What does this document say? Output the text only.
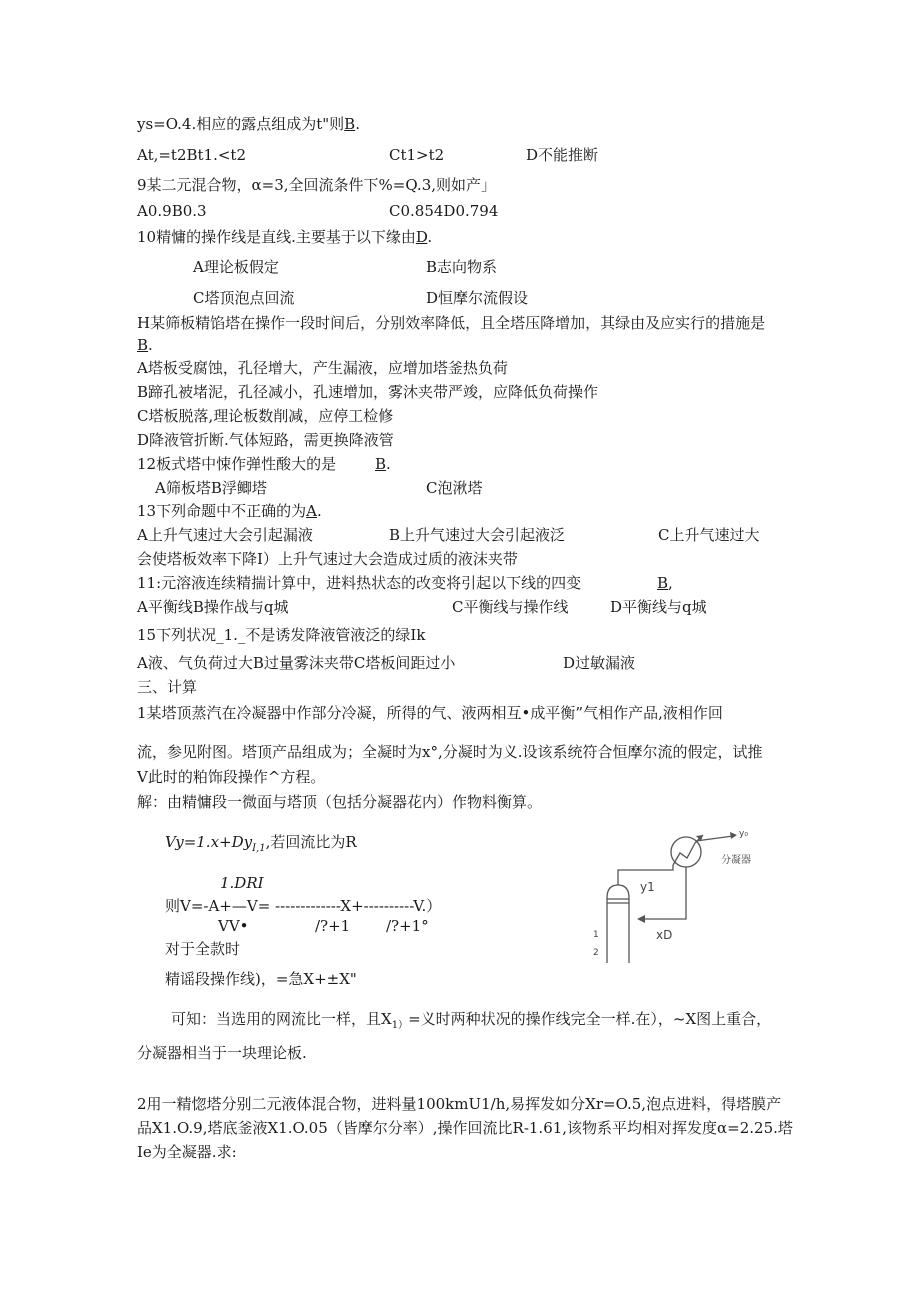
ys=O.4.相应的露点组成为t"则B.
At,=t2Bt1.<t2	Ct1>t2	D不能推断
9某二元混合物，α=3,全回流条件下%=Q.3,则如产」
A0.9B0.3	C0.854D0.794
10精慵的操作线是直线.主要基于以下缘由D.
A理论板假定	B志向物系
C塔顶泡点回流	D恒摩尔流假设
H某筛板精馅塔在操作一段时间后，分别效率降低，且全塔压降增加，其绿由及应实行的措施是
B.
A塔板受腐蚀，孔径增大，产生漏液，应增加塔釜热负荷
B蹄孔被堵泥，孔径减小，孔速增加，雾沐夹带严竣，应降低负荷操作
C塔板脱落,理论板数削减，应停工检修
D降液管折断.气体短路，需更换降液管
12板式塔中悚作弹性酸大的是	B.
A筛板塔B浮鲫塔	C泡湫塔
13下列命题中不正确的为A.
A上升气速过大会引起漏液	B上升气速过大会引起液泛	C上升气速过大
会使塔板效率下降I）上升气速过大会造成过质的液沫夹带
11:元溶液连续精揣计算中，进料热状态的改变将引起以下线的四变	B,
A平衡线B操作战与q城	C平衡线与操作线	D平衡线与q城
15下列状况_1._不是诱发降液管液泛的绿Ik
A液、气负荷过大B过量雾沫夹带C塔板间距过小	D过敏漏液
三、计算
1某塔顶蒸汽在冷凝器中作部分冷凝，所得的气、液两相互•成平衡”气相作产品,液相作回
流，参见附图。塔顶产品组成为；全凝时为x°,分凝时为义.设该系统符合恒摩尔流的假定，试推
V此时的粕饰段操作^方程。
解：由精慵段一微面与塔顶（包括分凝器花内）作物料衡算。
$Vy=1.x+Dy_{I,1}$,若回流比为R
1.DRI
则V=-A+—V= -------------X+----------V.）
VV•	/?+1 /?+1°
对于全款时
精谣段操作线)，=急X+±X"
可知：当选用的网流比一样，且$X_{1)}=$义时两种状况的操作线完全一样.在），~X图上重合，
分凝器相当于一块理论板.
2用一精惚塔分别二元液体混合物，进料量100kmU1/h,易挥发如分Xr=O.5,泡点进料，得塔膜产
品X1.O.9,塔底釜液X1.O.05（皆摩尔分率）,操作回流比R-1.61,该物系平均相对挥发度α=2.25.塔
Ie为全凝器.求:
y₀
分凝器
y1
xD
1
2
